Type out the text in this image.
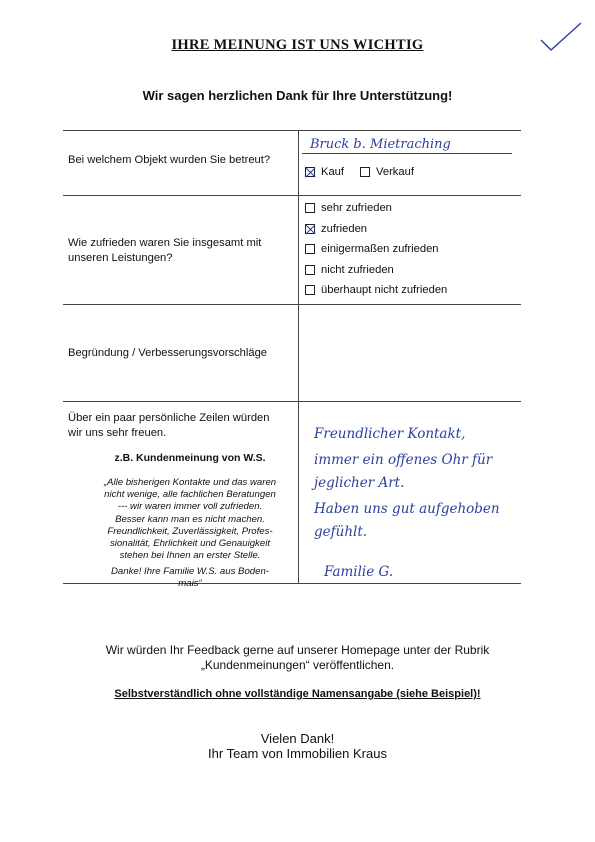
IHRE MEINUNG IST UNS WICHTIG
Wir sagen herzlichen Dank für Ihre Unterstützung!
Bei welchem Objekt wurden Sie betreut?
Bruck b. Mietraching
Kauf	Verkauf
Wie zufrieden waren Sie insgesamt mit
unseren Leistungen?
sehr zufrieden
zufrieden
einigermaßen zufrieden
nicht zufrieden
überhaupt nicht zufrieden
Begründung / Verbesserungsvorschläge
Über ein paar persönliche Zeilen würden
wir uns sehr freuen.
z.B. Kundenmeinung von W.S.
„Alle bisherigen Kontakte und das waren
nicht wenige, alle fachlichen Beratungen
--- wir waren immer voll zufrieden.
Besser kann man es nicht machen.
Freundlichkeit, Zuverlässigkeit, Profes-
sionalität, Ehrlichkeit und Genauigkeit
stehen bei Ihnen an erster Stelle.
Danke! Ihre Familie W.S. aus Boden-
mais“
Freundlicher Kontakt,
immer ein offenes Ohr für
jeglicher Art.
Haben uns gut aufgehoben
gefühlt.
Familie G.
Wir würden Ihr Feedback gerne auf unserer Homepage unter der Rubrik
„Kundenmeinungen“ veröffentlichen.
Selbstverständlich ohne vollständige Namensangabe (siehe Beispiel)!
Vielen Dank!
Ihr Team von Immobilien Kraus
